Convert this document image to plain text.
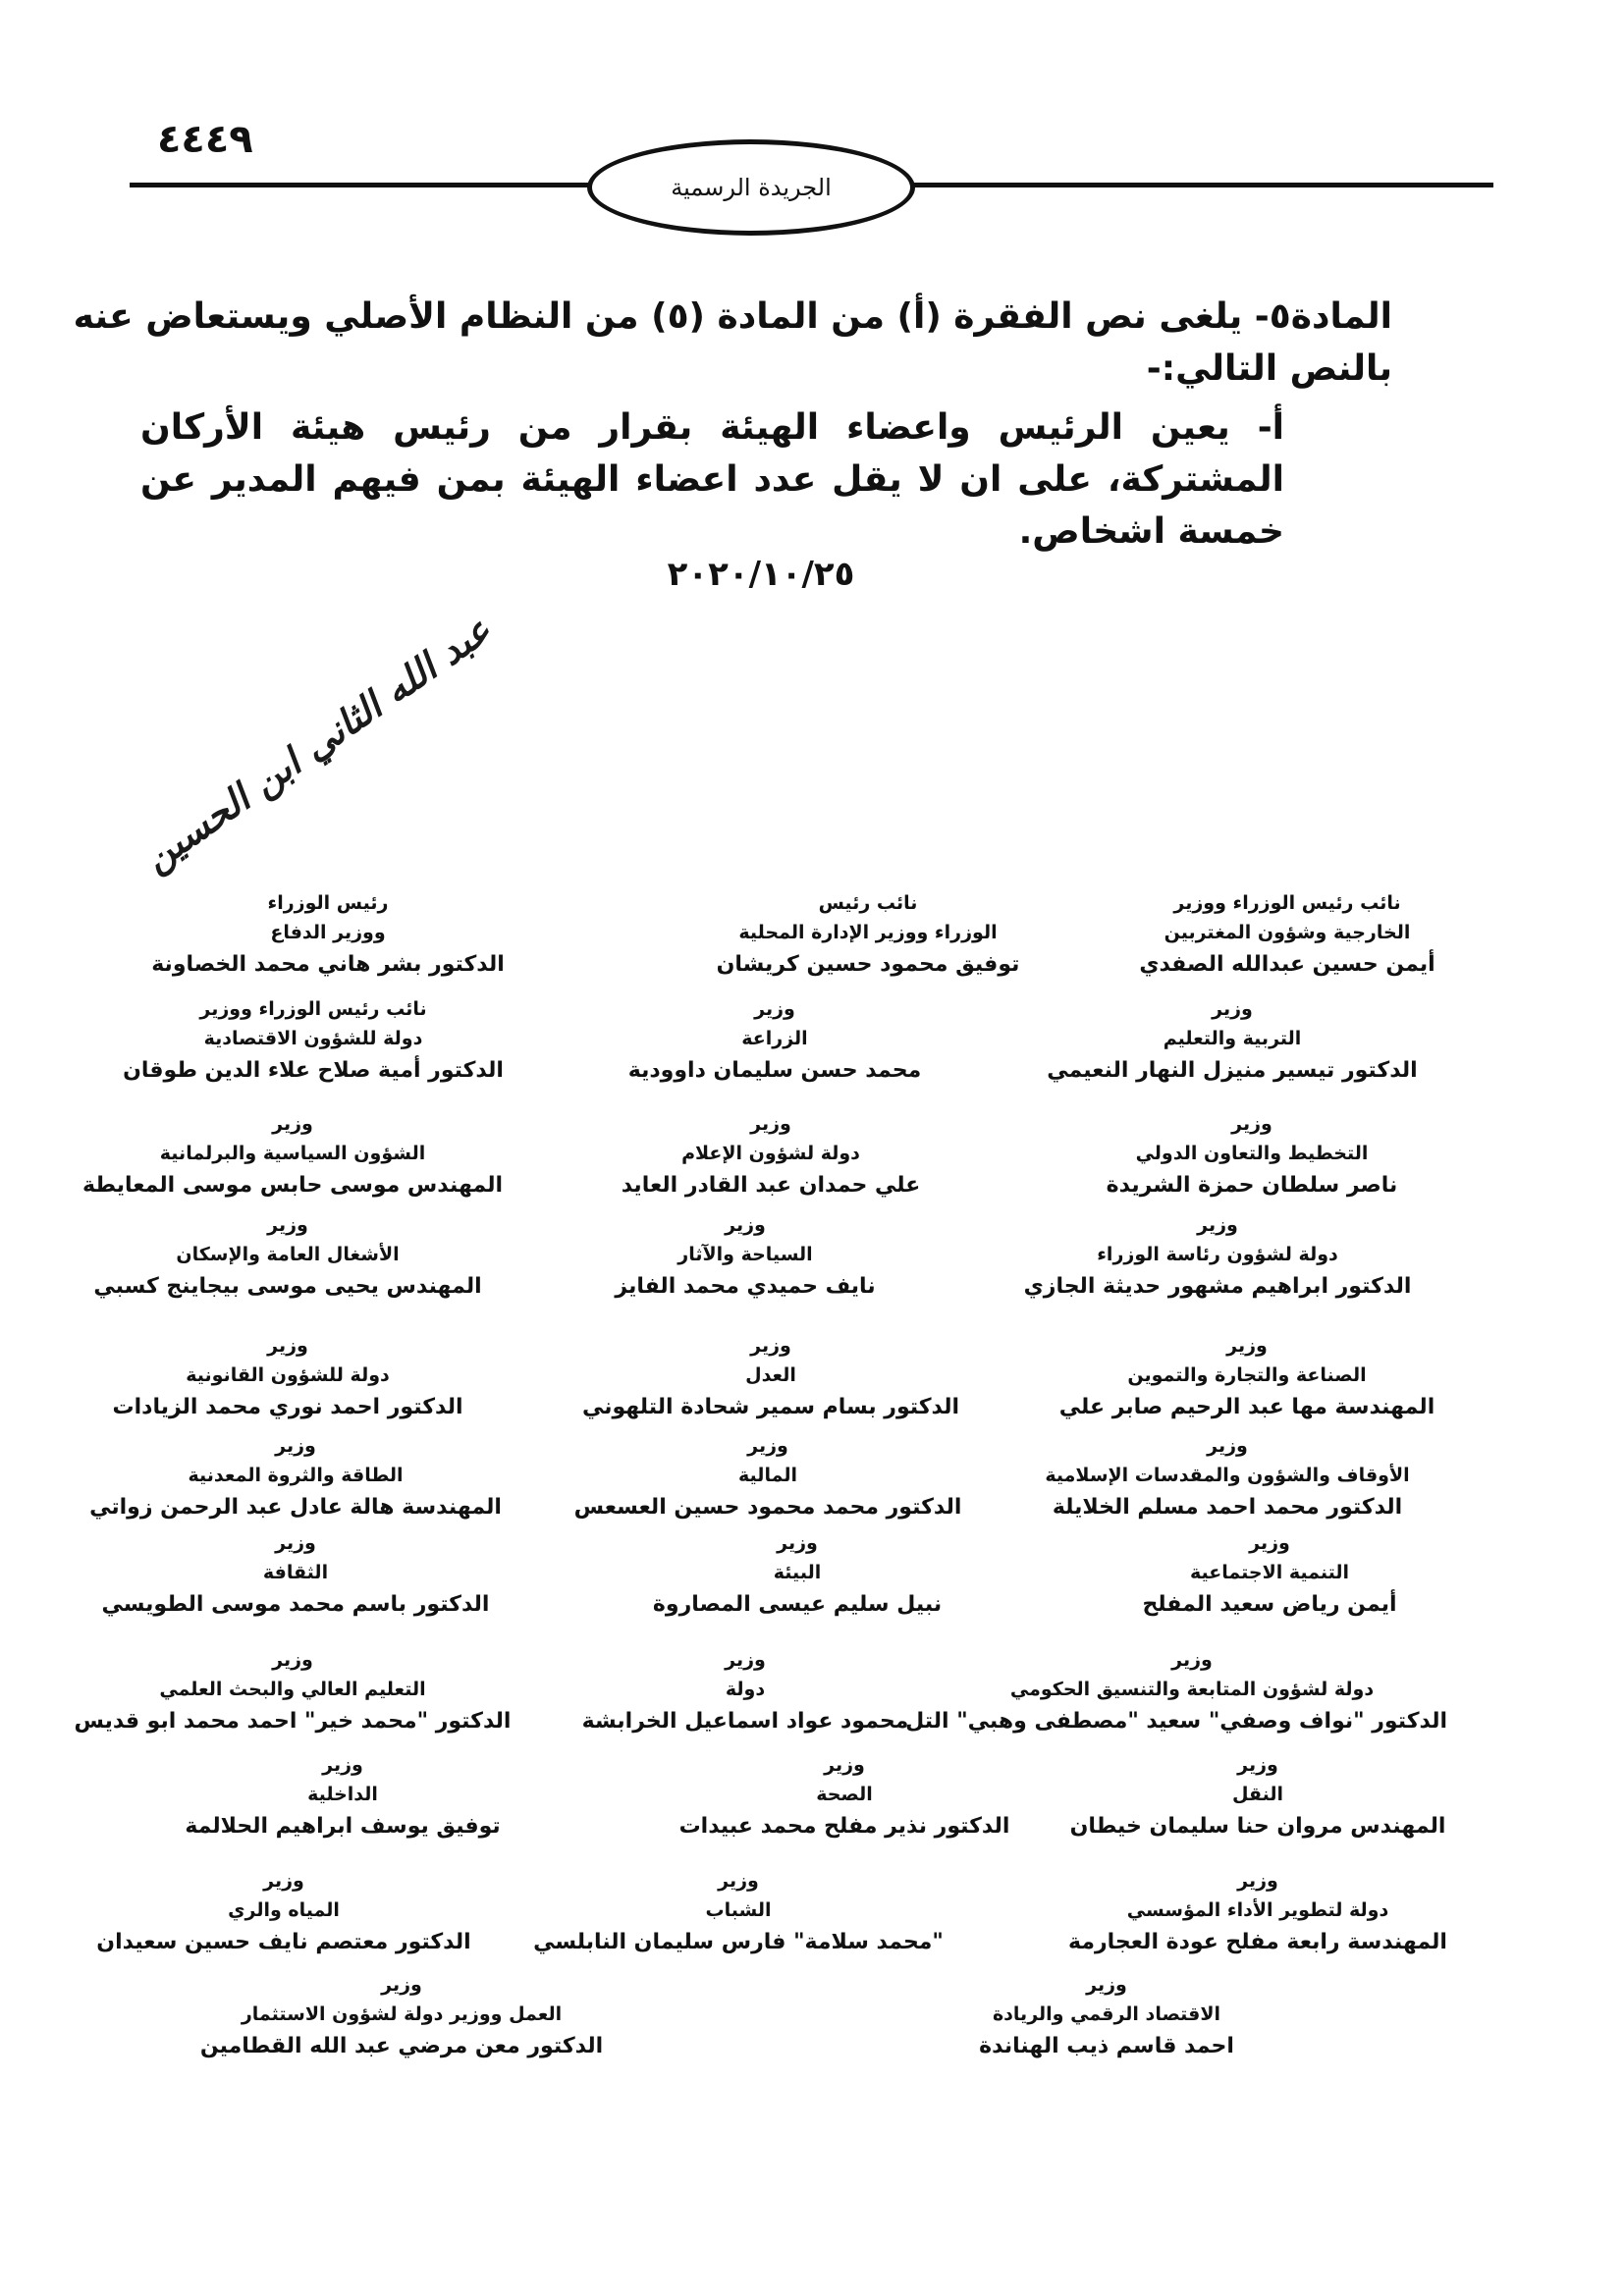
٤٤٤٩
الجريدة الرسمية
المادة٥- يلغى نص الفقرة (أ) من المادة (٥) من النظام الأصلي ويستعاض عنه
بالنص التالي:-
أ- يعين الرئيس واعضاء الهيئة بقرار من رئيس هيئة الأركان
المشتركة، على ان لا يقل عدد اعضاء الهيئة بمن فيهم المدير عن
خمسة اشخاص.
٢٠٢٠/١٠/٢٥
عبد الله الثاني ابن الحسين
نائب رئيس الوزراء ووزير
الخارجية وشؤون المغتربين
أيمن حسين عبدالله الصفدي
نائب رئيس
الوزراء ووزير الإدارة المحلية
توفيق محمود حسين كريشان
رئيس الوزراء
ووزير الدفاع
الدكتور بشر هاني محمد الخصاونة
وزير
التربية والتعليم
الدكتور تيسير منيزل النهار النعيمي
وزير
الزراعة
محمد حسن سليمان داوودية
نائب رئيس الوزراء ووزير
دولة للشؤون الاقتصادية
الدكتور أمية صلاح علاء الدين طوقان
وزير
التخطيط والتعاون الدولي
ناصر سلطان حمزة الشريدة
وزير
دولة لشؤون الإعلام
علي حمدان عبد القادر العايد
وزير
الشؤون السياسية والبرلمانية
المهندس موسى حابس موسى المعايطة
وزير
دولة لشؤون رئاسة الوزراء
الدكتور ابراهيم مشهور حديثة الجازي
وزير
السياحة والآثار
نايف حميدي محمد الفايز
وزير
الأشغال العامة والإسكان
المهندس يحيى موسى بيجاينج كسبي
وزير
الصناعة والتجارة والتموين
المهندسة مها عبد الرحيم صابر علي
وزير
العدل
الدكتور بسام سمير شحادة التلهوني
وزير
دولة للشؤون القانونية
الدكتور احمد نوري محمد الزيادات
وزير
الأوقاف والشؤون والمقدسات الإسلامية
الدكتور محمد احمد مسلم الخلايلة
وزير
المالية
الدكتور محمد محمود حسين العسعس
وزير
الطاقة والثروة المعدنية
المهندسة هالة عادل عبد الرحمن زواتي
وزير
التنمية الاجتماعية
أيمن رياض سعيد المفلح
وزير
البيئة
نبيل سليم عيسى المصاروة
وزير
الثقافة
الدكتور باسم محمد موسى الطويسي
وزير
دولة لشؤون المتابعة والتنسيق الحكومي
الدكتور "نواف وصفي" سعيد "مصطفى وهبي" التل
وزير
دولة
محمود عواد اسماعيل الخرابشة
وزير
التعليم العالي والبحث العلمي
الدكتور "محمد خير" احمد محمد ابو قديس
وزير
النقل
المهندس مروان حنا سليمان خيطان
وزير
الصحة
الدكتور نذير مفلح محمد عبيدات
وزير
الداخلية
توفيق يوسف ابراهيم الحلالمة
وزير
دولة لتطوير الأداء المؤسسي
المهندسة رابعة مفلح عودة العجارمة
وزير
الشباب
"محمد سلامة" فارس سليمان النابلسي
وزير
المياه والري
الدكتور معتصم نايف حسين سعيدان
وزير
الاقتصاد الرقمي والريادة
احمد قاسم ذيب الهناندة
وزير
العمل ووزير دولة لشؤون الاستثمار
الدكتور معن مرضي عبد الله القطامين
